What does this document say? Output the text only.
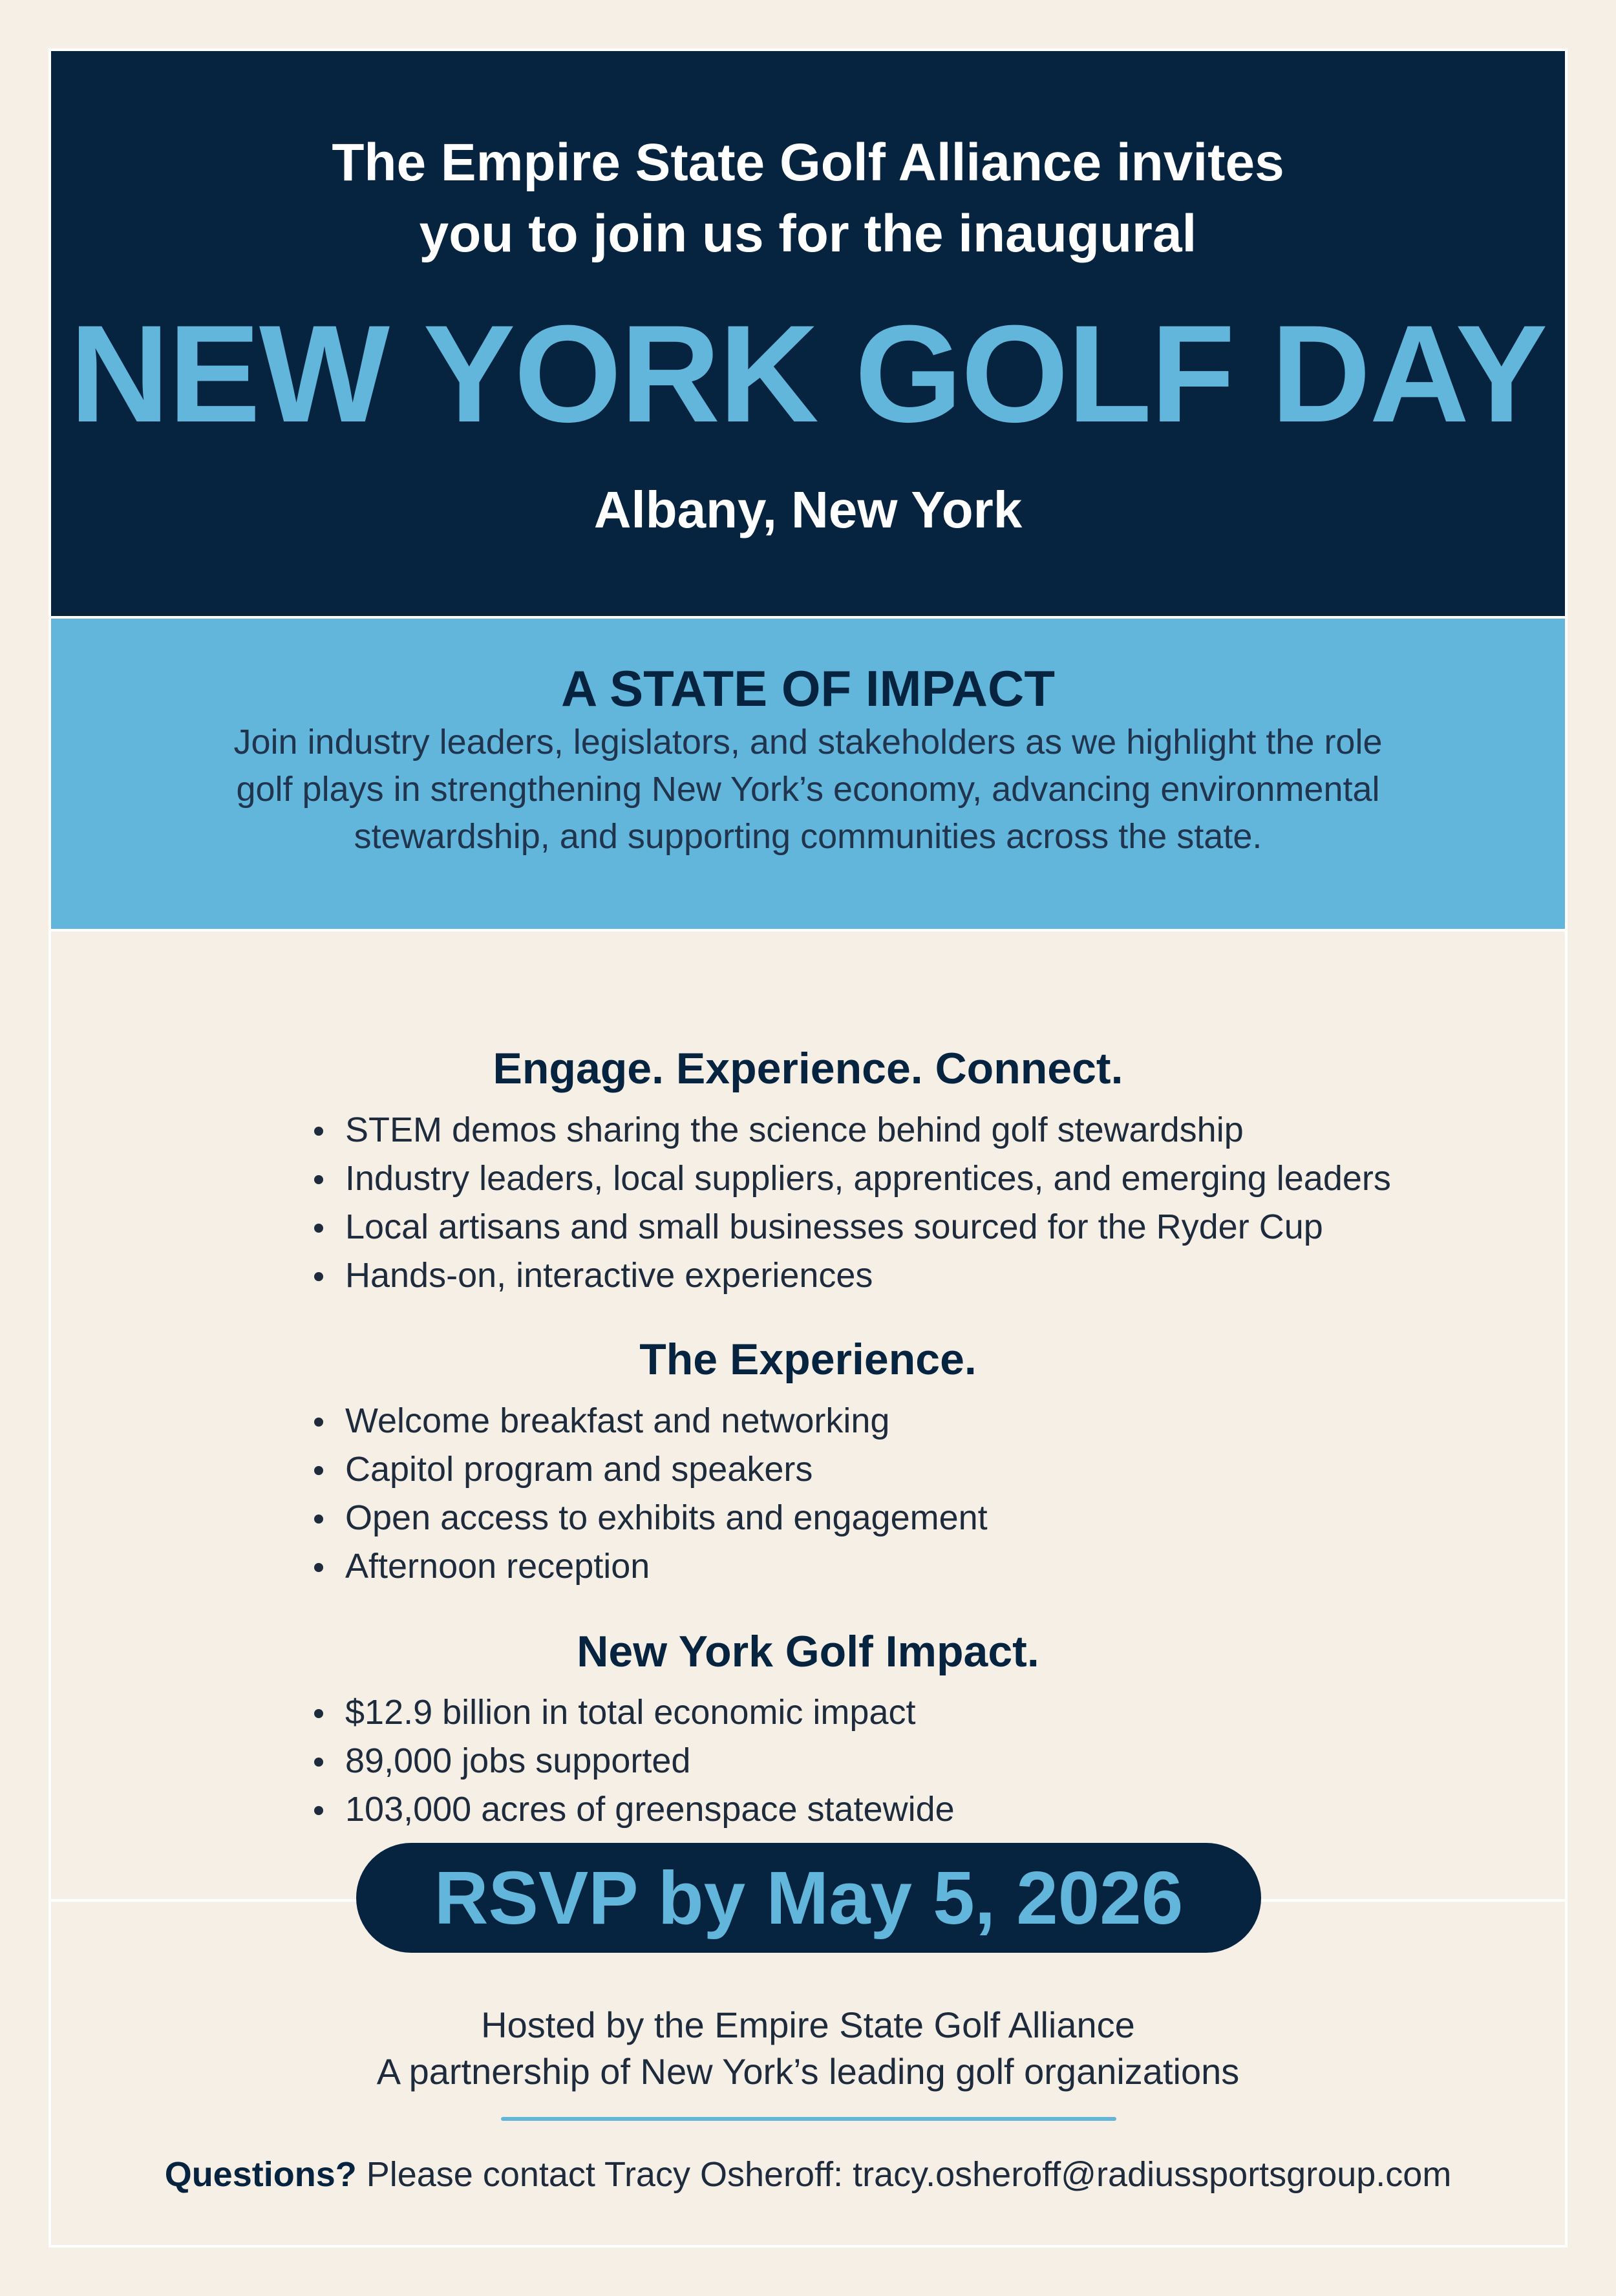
The Empire State Golf Alliance invites
you to join us for the inaugural
NEW YORK GOLF DAY
Albany, New York
A STATE OF IMPACT
Join industry leaders, legislators, and stakeholders as we highlight the role
golf plays in strengthening New York’s economy, advancing environmental
stewardship, and supporting communities across the state.
Engage. Experience. Connect.
STEM demos sharing the science behind golf stewardship
Industry leaders, local suppliers, apprentices, and emerging leaders
Local artisans and small businesses sourced for the Ryder Cup
Hands-on, interactive experiences
The Experience.
Welcome breakfast and networking
Capitol program and speakers
Open access to exhibits and engagement
Afternoon reception
New York Golf Impact.
$12.9 billion in total economic impact
89,000 jobs supported
103,000 acres of greenspace statewide
RSVP by May 5, 2026
Hosted by the Empire State Golf Alliance
A partnership of New York’s leading golf organizations
Questions? Please contact Tracy Osheroff: tracy.osheroff@radiussportsgroup.com
